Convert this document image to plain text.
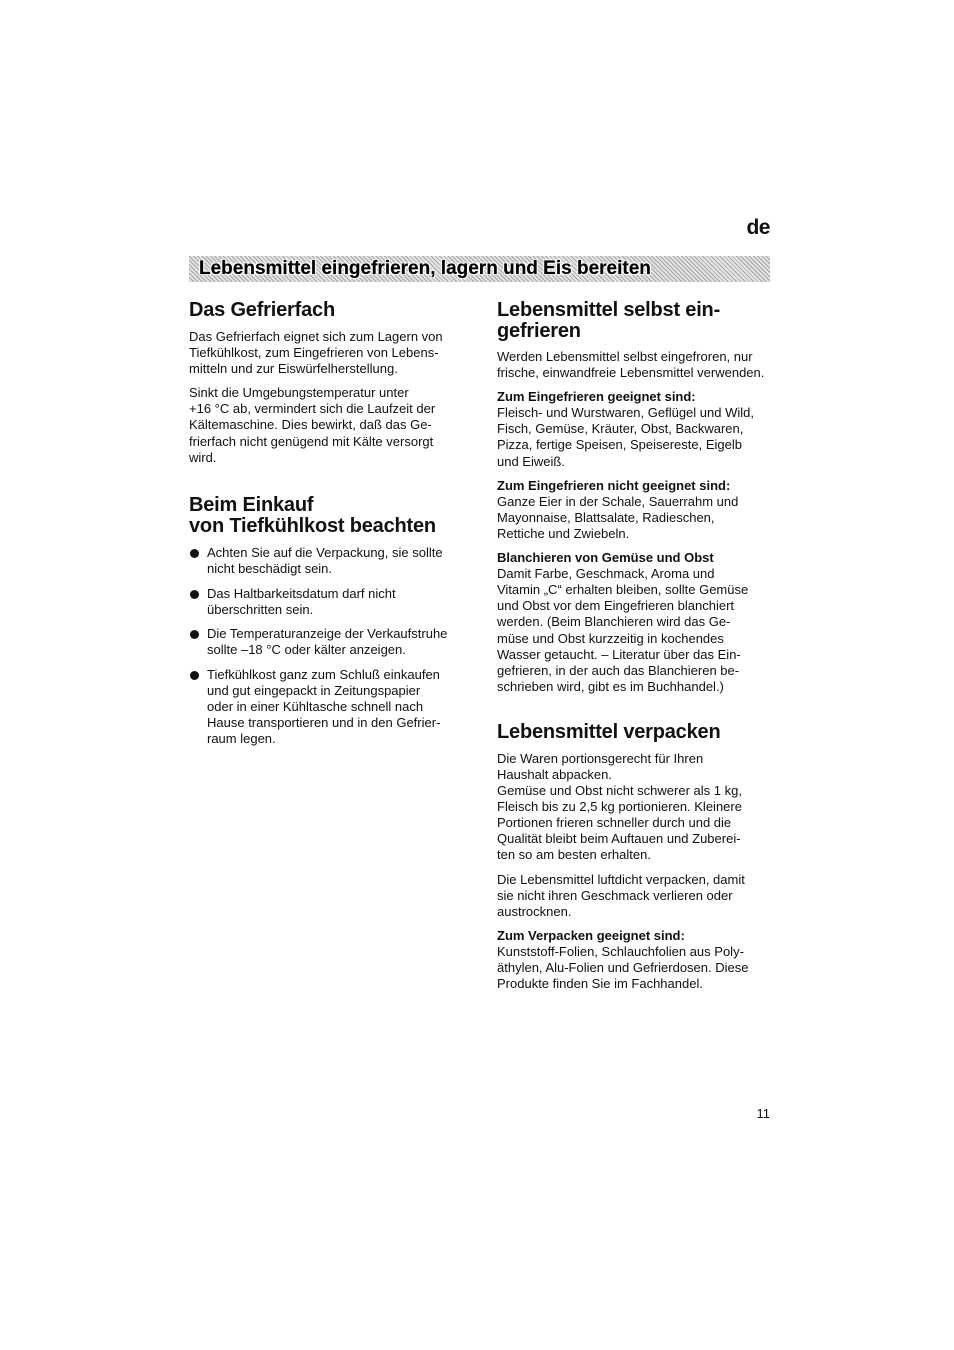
de
Lebensmittel eingefrieren, lagern und Eis bereiten
Das Gefrierfach

Das Gefrierfach eignet sich zum Lagern von
Tiefkühlkost, zum Eingefrieren von Lebens-
mitteln und zur Eiswürfelherstellung.

Sinkt die Umgebungstemperatur unter
+16 °C ab, vermindert sich die Laufzeit der
Kältemaschine. Dies bewirkt, daß das Ge-
frierfach nicht genügend mit Kälte versorgt
wird.

Beim Einkauf
von Tiefkühlkost beachten
Achten Sie auf die Verpackung, sie sollte
nicht beschädigt sein.
Das Haltbarkeitsdatum darf nicht
überschritten sein.
Die Temperaturanzeige der Verkaufstruhe
sollte –18 °C oder kälter anzeigen.
Tiefkühlkost ganz zum Schluß einkaufen
und gut eingepackt in Zeitungspapier
oder in einer Kühltasche schnell nach
Hause transportieren und in den Gefrier-
raum legen.
Lebensmittel selbst ein-
gefrieren

Werden Lebensmittel selbst eingefroren, nur
frische, einwandfreie Lebensmittel verwenden.

Zum Eingefrieren geeignet sind:

Fleisch- und Wurstwaren, Geflügel und Wild,
Fisch, Gemüse, Kräuter, Obst, Backwaren,
Pizza, fertige Speisen, Speisereste, Eigelb
und Eiweiß.

Zum Eingefrieren nicht geeignet sind:

Ganze Eier in der Schale, Sauerrahm und
Mayonnaise, Blattsalate, Radieschen,
Rettiche und Zwiebeln.

Blanchieren von Gemüse und Obst

Damit Farbe, Geschmack, Aroma und
Vitamin „C“ erhalten bleiben, sollte Gemüse
und Obst vor dem Eingefrieren blanchiert
werden. (Beim Blanchieren wird das Ge-
müse und Obst kurzzeitig in kochendes
Wasser getaucht. – Literatur über das Ein-
gefrieren, in der auch das Blanchieren be-
schrieben wird, gibt es im Buchhandel.)

Lebensmittel verpacken

Die Waren portionsgerecht für Ihren
Haushalt abpacken.
Gemüse und Obst nicht schwerer als 1 kg,
Fleisch bis zu 2,5 kg portionieren. Kleinere
Portionen frieren schneller durch und die
Qualität bleibt beim Auftauen und Zuberei-
ten so am besten erhalten.

Die Lebensmittel luftdicht verpacken, damit
sie nicht ihren Geschmack verlieren oder
austrocknen.

Zum Verpacken geeignet sind:

Kunststoff-Folien, Schlauchfolien aus Poly-
äthylen, Alu-Folien und Gefrierdosen. Diese
Produkte finden Sie im Fachhandel.

11
